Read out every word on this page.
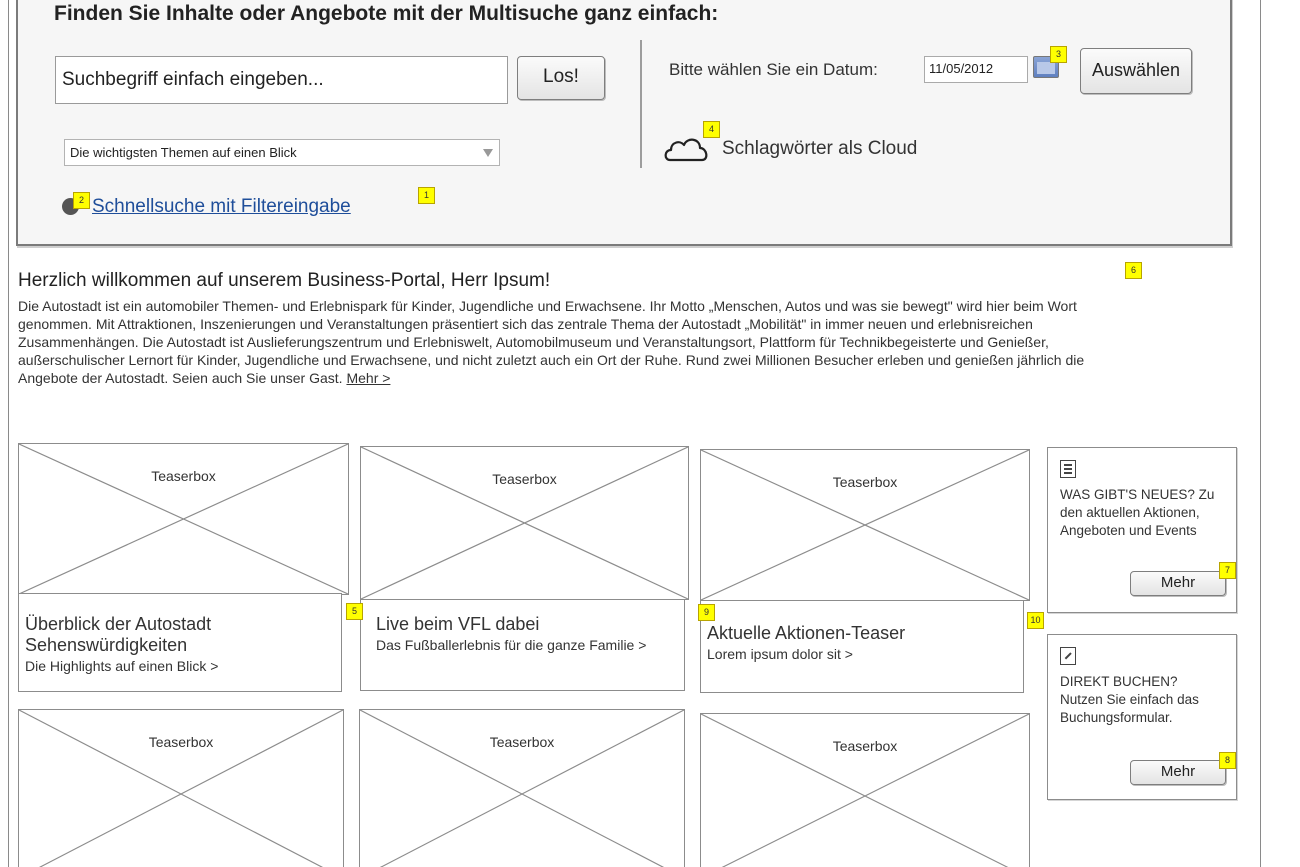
Finden Sie Inhalte oder Angebote mit der Multisuche ganz einfach:
Suchbegriff einfach eingeben...	Los!
Die wichtigsten Themen auf einen Blick
2 Schnellsuche mit Filtereingabe
1
Bitte wählen Sie ein Datum:	11/05/2012
3
Auswählen
4
Schlagwörter als Cloud
Herzlich willkommen auf unserem Business-Portal, Herr Ipsum!	6
Die Autostadt ist ein automobiler Themen- und Erlebnispark für Kinder, Jugendliche und Erwachsene. Ihr Motto „Menschen, Autos und was sie bewegt" wird hier beim Wort genommen. Mit Attraktionen, Inszenierungen und Veranstaltungen präsentiert sich das zentrale Thema der Autostadt „Mobilität" in immer neuen und erlebnisreichen Zusammenhängen. Die Autostadt ist Auslieferungszentrum und Erlebniswelt, Automobilmuseum und Veranstaltungsort, Plattform für Technikbegeisterte und Genießer, außerschulischer Lernort für Kinder, Jugendliche und Erwachsene, und nicht zuletzt auch ein Ort der Ruhe. Rund zwei Millionen Besucher erleben und genießen jährlich die Angebote der Autostadt. Seien auch Sie unser Gast. Mehr >
Teaserbox	Teaserbox	Teaserbox
Überblick der Autostadt Sehenswürdigkeiten
Die Highlights auf einen Blick >
5
Live beim VFL dabei
Das Fußballerlebnis für die ganze Familie >
9
Aktuelle Aktionen-Teaser
Lorem ipsum dolor sit >
10
Teaserbox	Teaserbox	Teaserbox
WAS GIBT'S NEUES? Zu den aktuellen Aktionen, Angeboten und Events
Mehr
7
DIREKT BUCHEN? Nutzen Sie einfach das Buchungsformular.
Mehr
8
